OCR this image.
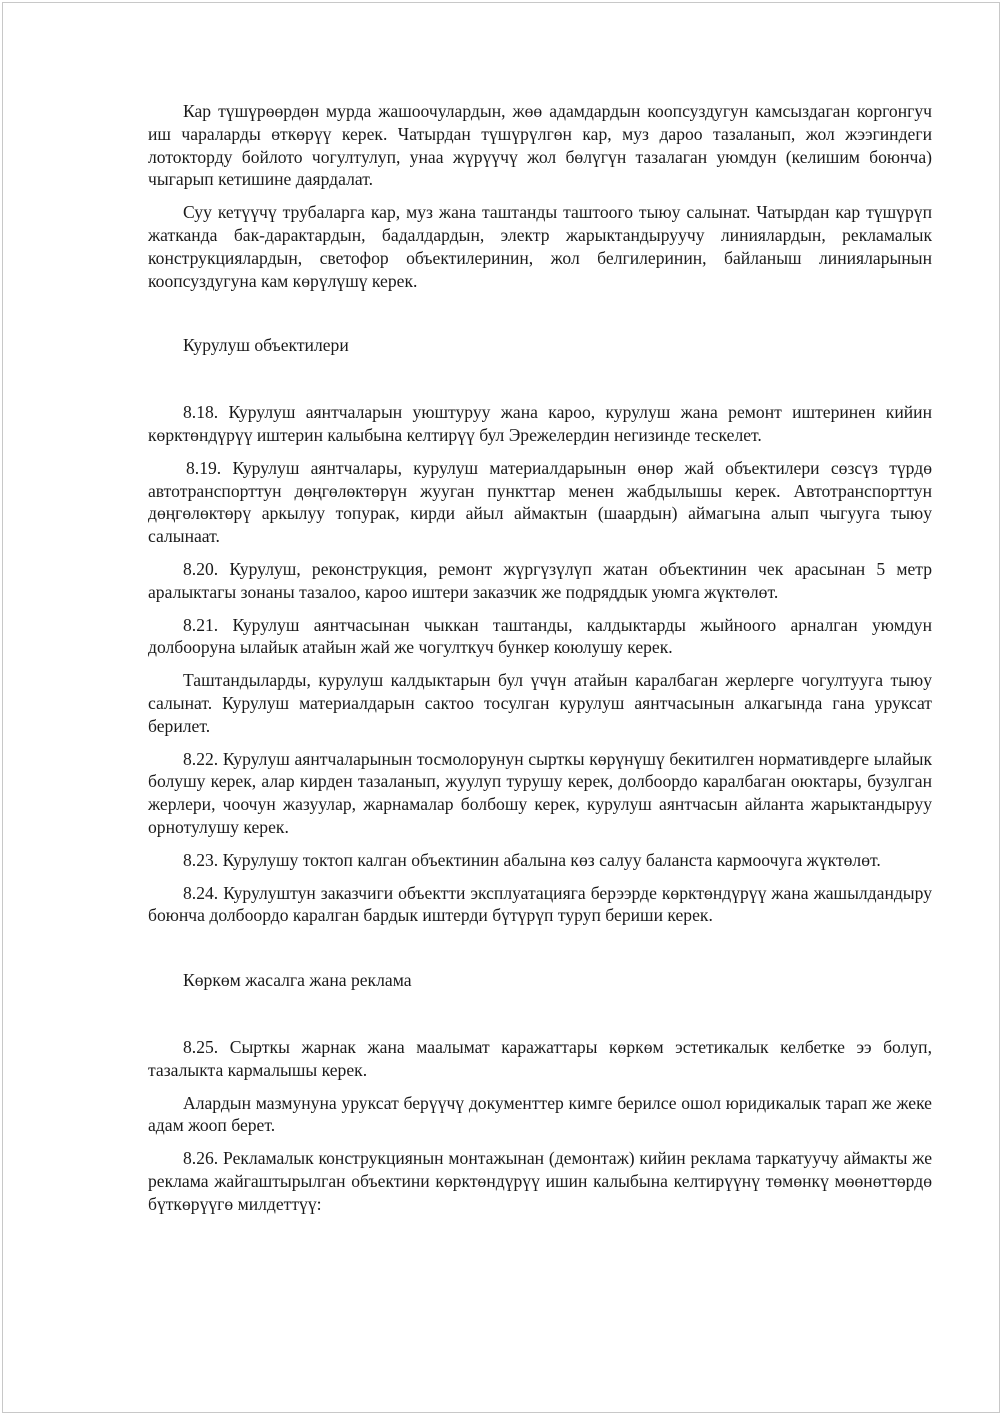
Кар түшүрөөрдөн мурда жашоочулардын, жөө адамдардын коопсуздугун камсыздаган коргонгуч иш чараларды өткөрүү керек. Чатырдан түшүрүлгөн кар, муз дароо тазаланып, жол жээгиндеги лотокторду бойлото чогултулуп, унаа жүрүүчү жол бөлүгүн тазалаган уюмдун (келишим боюнча) чыгарып кетишине даярдалат.

Суу кетүүчү трубаларга кар, муз жана таштанды таштоого тыюу салынат. Чатырдан кар түшүрүп жатканда бак-дарактардын, бадалдардын, электр жарыктандыруучу линиялардын, рекламалык конструкциялардын, светофор объектилеринин, жол белгилеринин, байланыш линияларынын коопсуздугуна кам көрүлүшү керек.

Курулуш объектилери

8.18. Курулуш аянтчаларын уюштуруу жана кароо, курулуш жана ремонт иштеринен кийин көрктөндүрүү иштерин калыбына келтирүү бул Эрежелердин негизинде тескелет.

8.19. Курулуш аянтчалары, курулуш материалдарынын өнөр жай объектилери сөзсүз түрдө автотранспорттун дөңгөлөктөрүн жууган пункттар менен жабдылышы керек. Автотранспорттун дөңгөлөктөрү аркылуу топурак, кирди айыл аймактын (шаардын) аймагына алып чыгууга тыюу салынаат.

8.20. Курулуш, реконструкция, ремонт жүргүзүлүп жатан объектинин чек арасынан 5 метр аралыктагы зонаны тазалоо, кароо иштери заказчик же подряддык уюмга жүктөлөт.

8.21. Курулуш аянтчасынан чыккан таштанды, калдыктарды жыйноого арналган уюмдун долбооруна ылайык атайын жай же чогулткуч бункер коюлушу керек.

Таштандыларды, курулуш калдыктарын бул үчүн атайын каралбаган жерлерге чогултууга тыюу салынат. Курулуш материалдарын сактоо тосулган курулуш аянтчасынын алкагында гана уруксат берилет.

8.22. Курулуш аянтчаларынын тосмолорунун сырткы көрүнүшү бекитилген нормативдерге ылайык болушу керек, алар кирден тазаланып, жуулуп турушу керек, долбоордо каралбаган оюктары, бузулган жерлери, чоочун жазуулар, жарнамалар болбошу керек, курулуш аянтчасын айланта жарыктандыруу орнотулушу керек.

8.23. Курулушу токтоп калган объектинин абалына көз салуу баланста кармоочуга жүктөлөт.

8.24. Курулуштун заказчиги объектти эксплуатацияга берээрде көрктөндүрүү жана жашылдандыру боюнча долбоордо каралган бардык иштерди бүтүрүп туруп бериши керек.

Көркөм жасалга жана реклама

8.25. Сырткы жарнак жана маалымат каражаттары көркөм эстетикалык келбетке ээ болуп, тазалыкта кармалышы керек.

Алардын мазмунуна уруксат берүүчү документтер кимге берилсе ошол юридикалык тарап же жеке адам жооп берет.

8.26. Рекламалык конструкциянын монтажынан (демонтаж) кийин реклама таркатуучу аймакты же реклама жайгаштырылган объектини көрктөндүрүү ишин калыбына келтирүүнү төмөнкү мөөнөттөрдө бүткөрүүгө милдеттүү:
